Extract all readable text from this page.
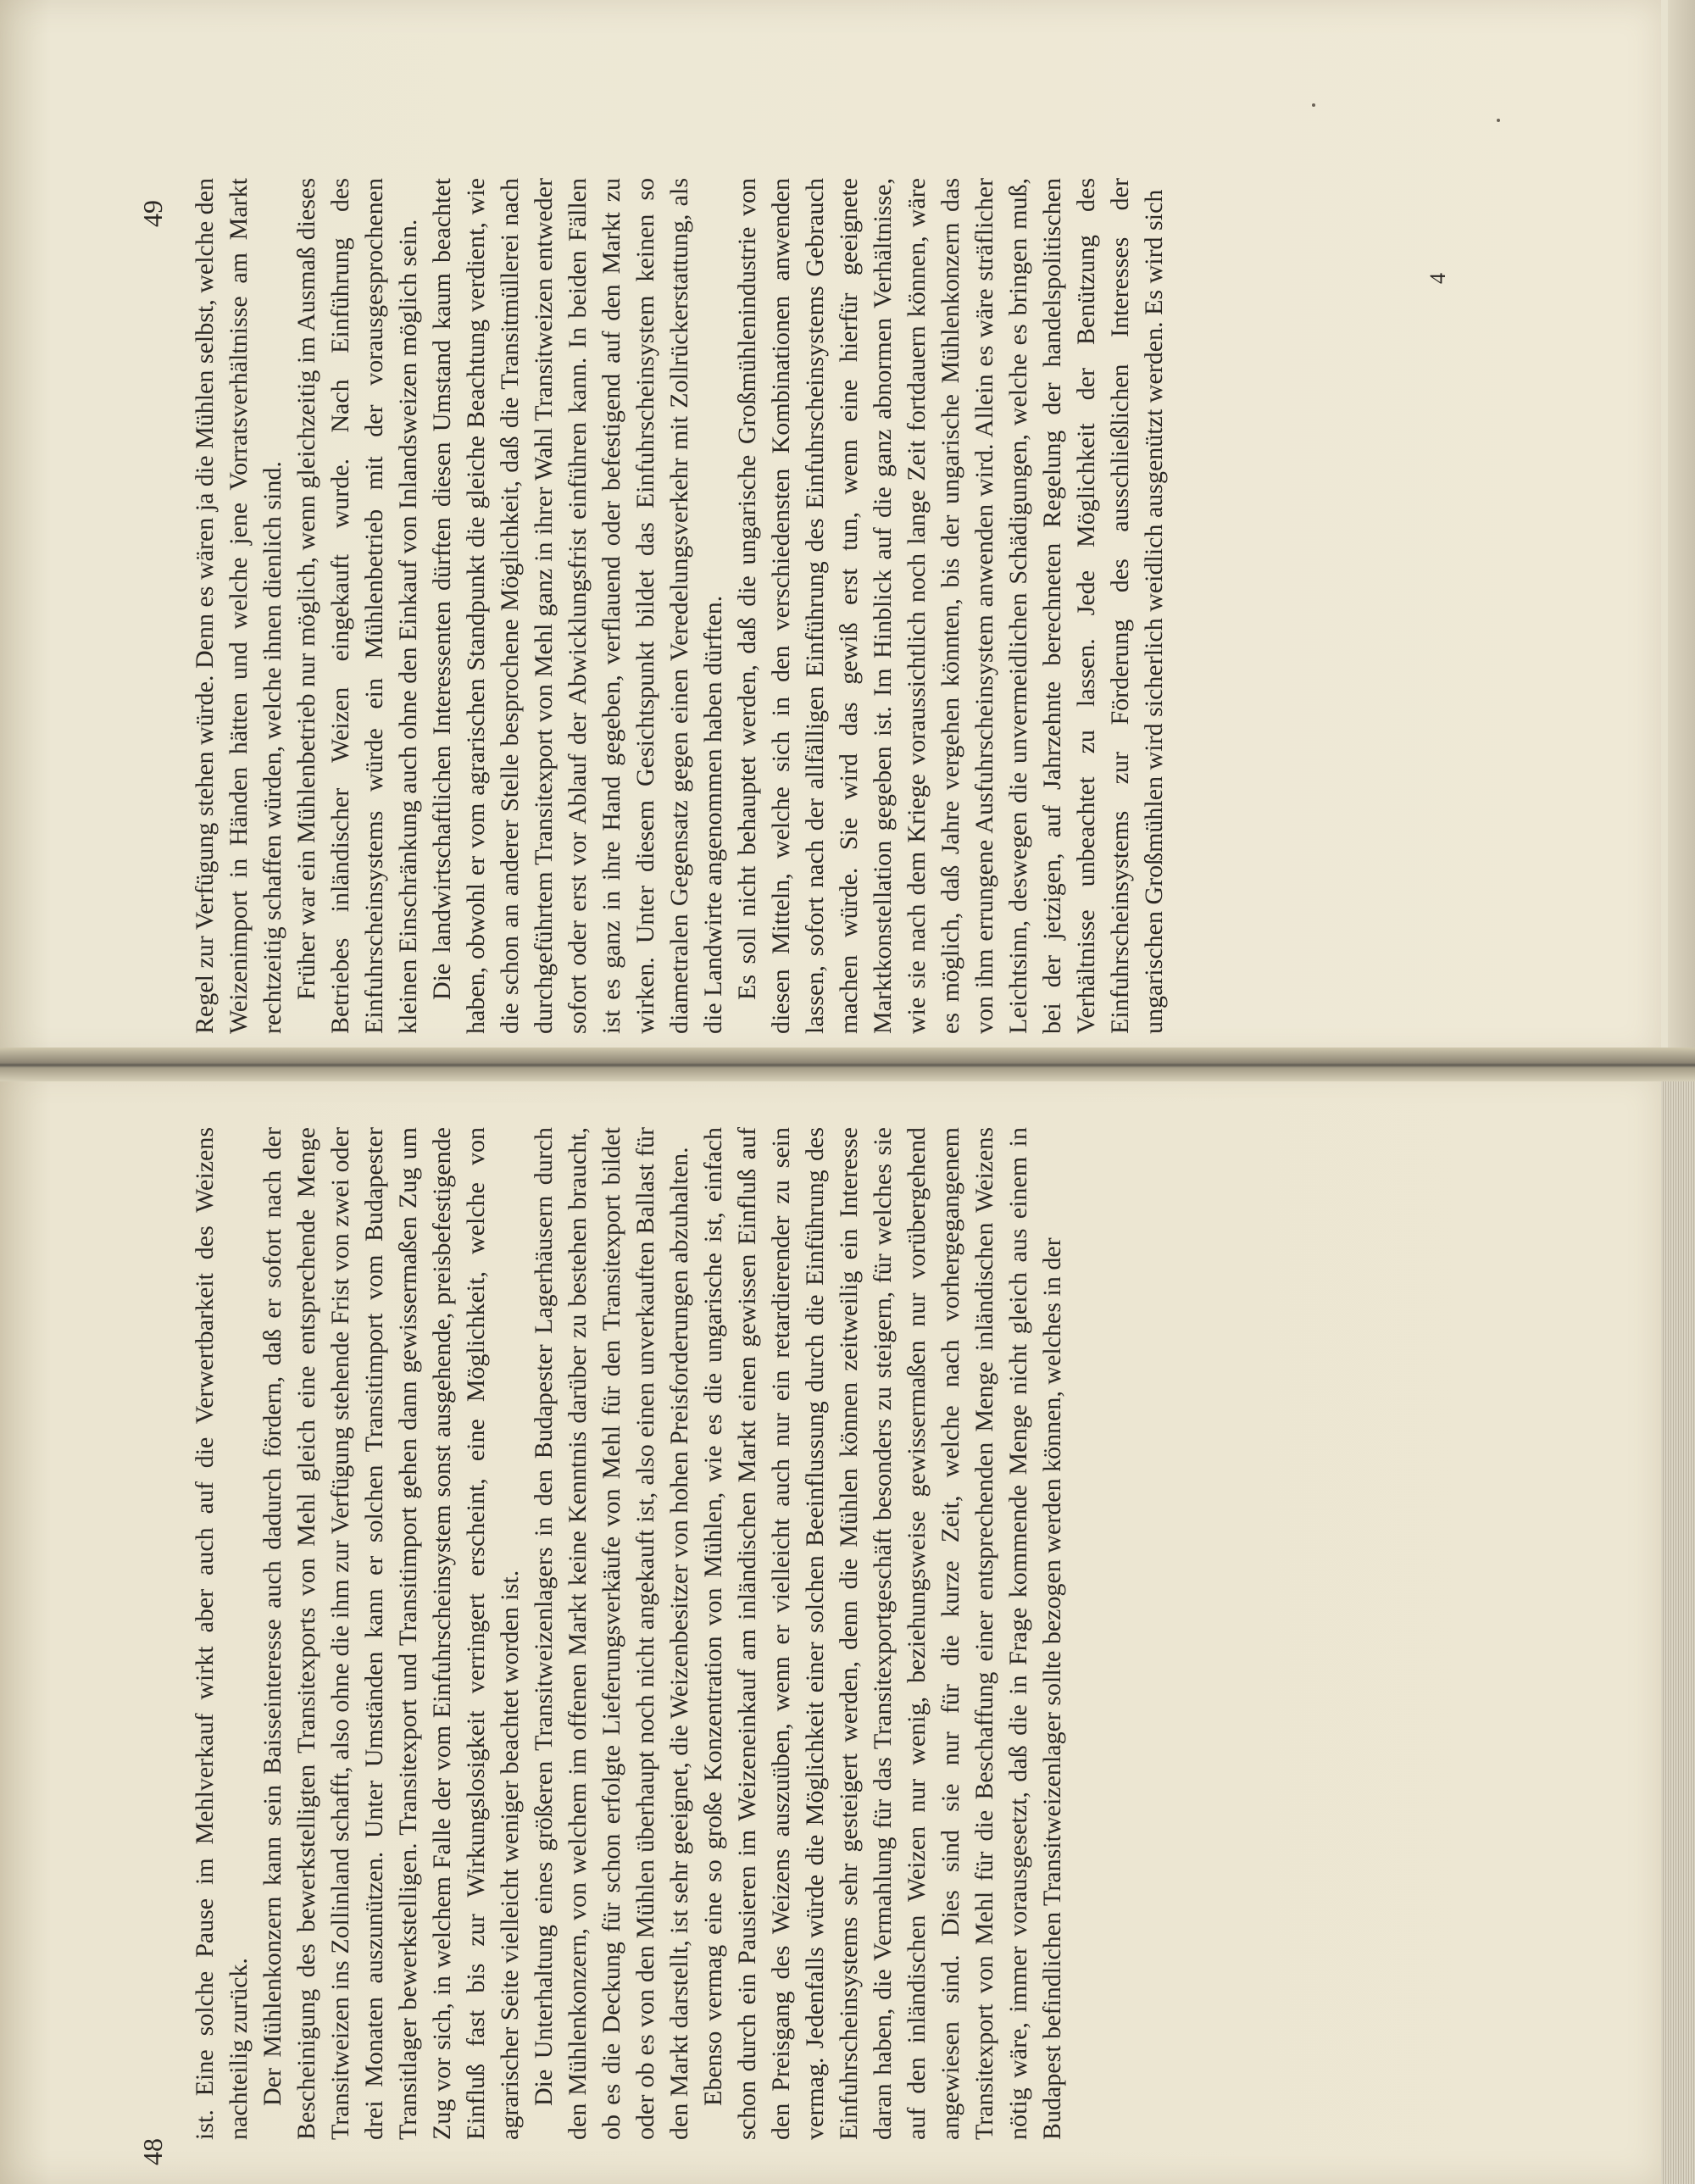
49 Regel zur Verfügung stehen würde. Denn es wären ja die Mühlen selbst, welche den Weizenimport in Händen hätten und welche jene Vorratsverhältnisse am Markt rechtzeitig schaffen würden, welche ihnen dienlich sind. Früher war ein Mühlenbetrieb nur möglich, wenn gleichzeitig im Ausmaß dieses Betriebes inländischer Weizen eingekauft wurde. Nach Einführung des Einfuhrscheinsystems würde ein Mühlenbetrieb mit der vorausgesprochenen kleinen Einschränkung auch ohne den Einkauf von Inlandsweizen möglich sein. Die landwirtschaftlichen Interessenten dürften diesen Umstand kaum beachtet haben, obwohl er vom agrarischen Standpunkt die gleiche Beachtung verdient, wie die schon an anderer Stelle besprochene Möglichkeit, daß die Transitmüllerei nach durchgeführtem Transitexport von Mehl ganz in ihrer Wahl Transitweizen entweder sofort oder erst vor Ablauf der Abwicklungsfrist einführen kann. In beiden Fällen ist es ganz in ihre Hand gegeben, verflauend oder befestigend auf den Markt zu wirken. Unter diesem Gesichtspunkt bildet das Einfuhrscheinsystem keinen so diametralen Gegensatz gegen einen Veredelungsverkehr mit Zollrückerstattung, als die Landwirte angenommen haben dürften. Es soll nicht behauptet werden, daß die ungarische Großmühlenindustrie von diesen Mitteln, welche sich in den verschiedensten Kombinationen anwenden lassen, sofort nach der allfälligen Einführung des Einfuhrscheinsystems Gebrauch machen würde. Sie wird das gewiß erst tun, wenn eine hierfür geeignete Marktkonstellation gegeben ist. Im Hinblick auf die ganz abnormen Verhältnisse, wie sie nach dem Kriege voraussichtlich noch lange Zeit fortdauern können, wäre es möglich, daß Jahre vergehen könnten, bis der ungarische Mühlenkonzern das von ihm errungene Ausfuhrscheinsystem anwenden wird. Allein es wäre sträflicher Leichtsinn, deswegen die unvermeidlichen Schädigungen, welche es bringen muß, bei der jetzigen, auf Jahrzehnte berechneten Regelung der handelspolitischen Verhältnisse unbeachtet zu lassen. Jede Möglichkeit der Benützung des Einfuhrscheinsystems zur Förderung des ausschließlichen Interesses der ungarischen Großmühlen wird sicherlich weidlich ausgenützt werden. Es wird sich	4
48

ist. Eine solche Pause im Mehlverkauf wirkt aber auch auf die Verwertbarkeit des Weizens nachteilig zurück. Der Mühlenkonzern kann sein Baisseinteresse auch dadurch fördern, daß er sofort nach der Bescheinigung des bewerkstelligten Transitexports von Mehl gleich eine entsprechende Menge Transitweizen ins Zollinland schafft, also ohne die ihm zur Verfügung stehende Frist von zwei oder drei Monaten auszunützen. Unter Umständen kann er solchen Transitimport vom Budapester Transitlager bewerkstelligen. Transitexport und Transitimport gehen dann gewissermaßen Zug um Zug vor sich, in welchem Falle der vom Einfuhrscheinsystem sonst ausgehende, preisbefestigende Einfluß fast bis zur Wirkungslosigkeit verringert erscheint, eine Möglichkeit, welche von agrarischer Seite vielleicht weniger beachtet worden ist. Die Unterhaltung eines größeren Transitweizenlagers in den Budapester Lagerhäusern durch den Mühlenkonzern, von welchem im offenen Markt keine Kenntnis darüber zu bestehen braucht, ob es die Deckung für schon erfolgte Lieferungsverkäufe von Mehl für den Transitexport bildet oder ob es von den Mühlen überhaupt noch nicht angekauft ist, also einen unverkauften Ballast für den Markt darstellt, ist sehr geeignet, die Weizenbesitzer von hohen Preisforderungen abzuhalten. Ebenso vermag eine so große Konzentration von Mühlen, wie es die ungarische ist, einfach schon durch ein Pausieren im Weizeneinkauf am inländischen Markt einen gewissen Einfluß auf den Preisgang des Weizens auszuüben, wenn er vielleicht auch nur ein retardierender zu sein vermag. Jedenfalls würde die Möglichkeit einer solchen Beeinflussung durch die Einführung des Einfuhrscheinsystems sehr gesteigert werden, denn die Mühlen können zeitweilig ein Interesse daran haben, die Vermahlung für das Transitexportgeschäft besonders zu steigern, für welches sie auf den inländischen Weizen nur wenig, beziehungsweise gewissermaßen nur vorübergehend angewiesen sind. Dies sind sie nur für die kurze Zeit, welche nach vorhergegangenem Transitexport von Mehl für die Beschaffung einer entsprechenden Menge inländischen Weizens nötig wäre, immer vorausgesetzt, daß die in Frage kommende Menge nicht gleich aus einem in Budapest befindlichen Transitweizenlager sollte bezogen werden können, welches in der
